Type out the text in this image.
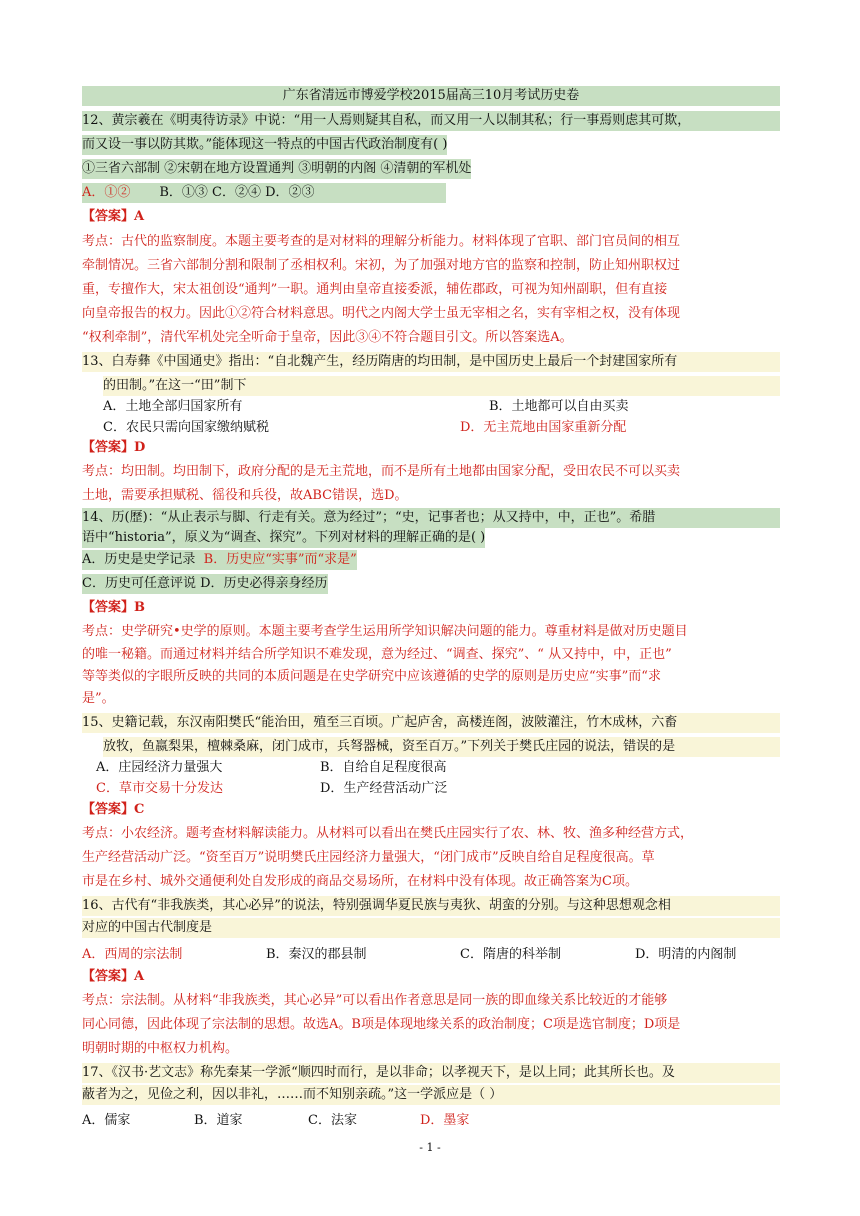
广东省清远市博爱学校2015届高三10月考试历史卷
12、黄宗羲在《明夷待访录》中说：“用一人焉则疑其自私，而又用一人以制其私；行一事焉则虑其可欺，
而又设一事以防其欺。”能体现这一特点的中国古代政治制度有( )
①三省六部制 ②宋朝在地方设置通判 ③明朝的内阁 ④清朝的军机处
A．①② B．①③ C．②④ D．②③
【答案】A
考点：古代的监察制度。本题主要考查的是对材料的理解分析能力。材料体现了官职、部门官员间的相互
牵制情况。三省六部制分割和限制了丞相权利。宋初，为了加强对地方官的监察和控制，防止知州职权过
重，专擅作大，宋太祖创设“通判”一职。通判由皇帝直接委派，辅佐郡政，可视为知州副职，但有直接
向皇帝报告的权力。因此①②符合材料意思。明代之内阁大学士虽无宰相之名，实有宰相之权，没有体现
“权利牵制”，清代军机处完全听命于皇帝，因此③④不符合题目引文。所以答案选A。
13、白寿彝《中国通史》指出：“自北魏产生，经历隋唐的均田制，是中国历史上最后一个封建国家所有
的田制。”在这一“田”制下
A．土地全部归国家所有	B．土地都可以自由买卖
C．农民只需向国家缴纳赋税	D．无主荒地由国家重新分配
【答案】D
考点：均田制。均田制下，政府分配的是无主荒地，而不是所有土地都由国家分配，受田农民不可以买卖
土地，需要承担赋税、徭役和兵役，故ABC错误，选D。
14、历(歷)：“从止表示与脚、行走有关。意为经过”；“史，记事者也；从又持中，中，正也”。希腊
语中“historia”，原义为“调查、探究”。下列对材料的理解正确的是( )
A．历史是史学记录 B．历史应“实事”而“求是”
C．历史可任意评说 D．历史必得亲身经历
【答案】B
考点：史学研究•史学的原则。本题主要考查学生运用所学知识解决问题的能力。尊重材料是做对历史题目
的唯一秘籍。而通过材料并结合所学知识不难发现，意为经过、“调查、探究”、“ 从又持中，中，正也”
等等类似的字眼所反映的共同的本质问题是在史学研究中应该遵循的史学的原则是历史应“实事”而“求
是”。
15、史籍记载，东汉南阳樊氏“能治田，殖至三百顷。广起庐舍，高楼连阁，波陂灌注，竹木成林，六畜
放牧，鱼嬴梨果，檀棘桑麻，闭门成市，兵弩器械，资至百万。”下列关于樊氏庄园的说法，错误的是
A．庄园经济力量强大	B．自给自足程度很高
C．草市交易十分发达	D．生产经营活动广泛
【答案】C
考点：小农经济。题考查材料解读能力。从材料可以看出在樊氏庄园实行了农、林、牧、渔多种经营方式，
生产经营活动广泛。“资至百万”说明樊氏庄园经济力量强大，“闭门成市”反映自给自足程度很高。草
市是在乡村、城外交通便利处自发形成的商品交易场所，在材料中没有体现。故正确答案为C项。
16、古代有“非我族类，其心必异”的说法，特别强调华夏民族与夷狄、胡蛮的分别。与这种思想观念相
对应的中国古代制度是
A．西周的宗法制	B．秦汉的郡县制	C．隋唐的科举制	D．明清的内阁制
【答案】A
考点：宗法制。从材料“非我族类，其心必异”可以看出作者意思是同一族的即血缘关系比较近的才能够
同心同德，因此体现了宗法制的思想。故选A。B项是体现地缘关系的政治制度；C项是选官制度；D项是
明朝时期的中枢权力机构。
17、《汉书·艺文志》称先秦某一学派“顺四时而行，是以非命；以孝视天下，是以上同；此其所长也。及
蔽者为之，见俭之利，因以非礼，……而不知别亲疏。”这一学派应是（ ）
A．儒家	B．道家	C．法家	D．墨家
- 1 -
